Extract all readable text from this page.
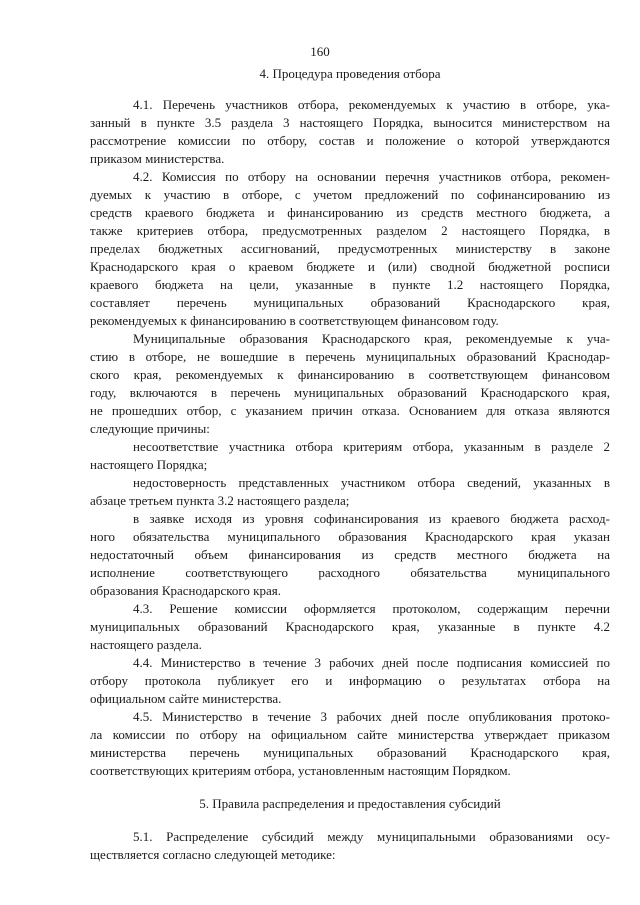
160
4. Процедура проведения отбора
4.1. Перечень участников отбора, рекомендуемых к участию в отборе, ука-
занный в пункте 3.5 раздела 3 настоящего Порядка, выносится министерством на
рассмотрение комиссии по отбору, состав и положение о которой утверждаются
приказом министерства.
4.2. Комиссия по отбору на основании перечня участников отбора, рекомен-
дуемых к участию в отборе, с учетом предложений по софинансированию из
средств краевого бюджета и финансированию из средств местного бюджета, а
также критериев отбора, предусмотренных разделом 2 настоящего Порядка, в
пределах бюджетных ассигнований, предусмотренных министерству в законе
Краснодарского края о краевом бюджете и (или) сводной бюджетной росписи
краевого бюджета на цели, указанные в пункте 1.2 настоящего Порядка,
составляет перечень муниципальных образований Краснодарского края,
рекомендуемых к финансированию в соответствующем финансовом году.
Муниципальные образования Краснодарского края, рекомендуемые к уча-
стию в отборе, не вошедшие в перечень муниципальных образований Краснодар-
ского края, рекомендуемых к финансированию в соответствующем финансовом
году, включаются в перечень муниципальных образований Краснодарского края,
не прошедших отбор, с указанием причин отказа. Основанием для отказа являются
следующие причины:
несоответствие участника отбора критериям отбора, указанным в разделе 2
настоящего Порядка;
недостоверность представленных участником отбора сведений, указанных в
абзаце третьем пункта 3.2 настоящего раздела;
в заявке исходя из уровня софинансирования из краевого бюджета расход-
ного обязательства муниципального образования Краснодарского края указан
недостаточный объем финансирования из средств местного бюджета на
исполнение соответствующего расходного обязательства муниципального
образования Краснодарского края.
4.3. Решение комиссии оформляется протоколом, содержащим перечни
муниципальных образований Краснодарского края, указанные в пункте 4.2
настоящего раздела.
4.4. Министерство в течение 3 рабочих дней после подписания комиссией по
отбору протокола публикует его и информацию о результатах отбора на
официальном сайте министерства.
4.5. Министерство в течение 3 рабочих дней после опубликования протоко-
ла комиссии по отбору на официальном сайте министерства утверждает приказом
министерства перечень муниципальных образований Краснодарского края,
соответствующих критериям отбора, установленным настоящим Порядком.
5. Правила распределения и предоставления субсидий
5.1. Распределение субсидий между муниципальными образованиями осу-
ществляется согласно следующей методике:
